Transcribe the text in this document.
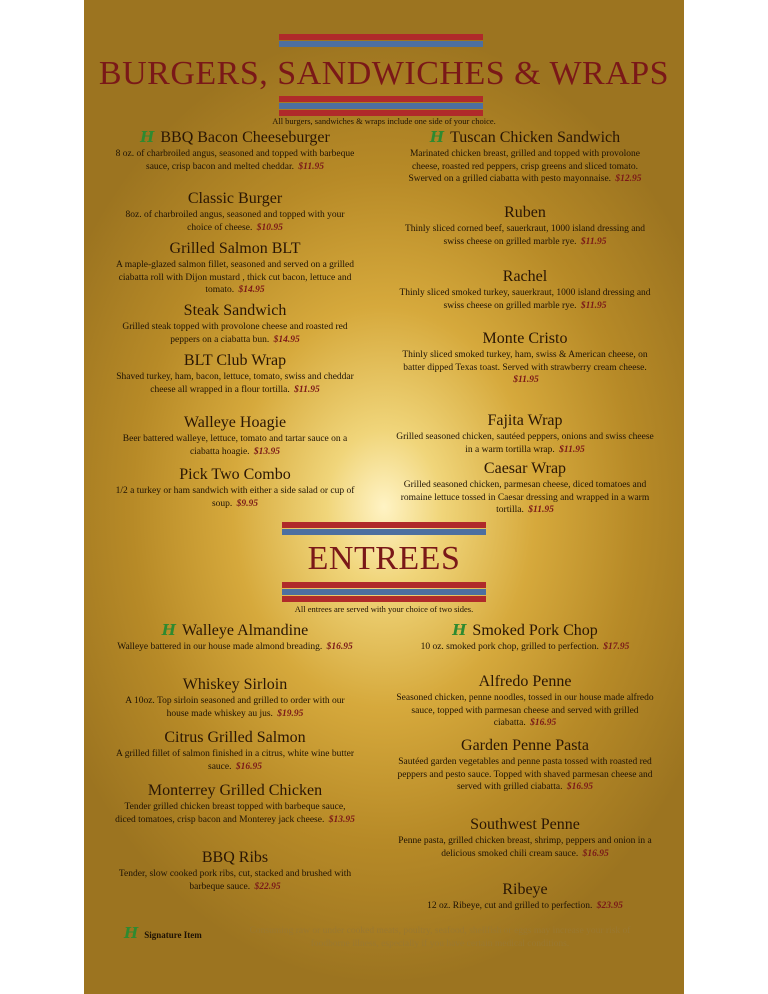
BURGERS, SANDWICHES & WRAPS
All burgers, sandwiches & wraps include one side of your choice.
H BBQ Bacon Cheeseburger

8 oz. of charbroiled angus, seasoned and topped with barbeque sauce, crisp bacon and melted cheddar. $11.95

Classic Burger

8oz. of charbroiled angus, seasoned and topped with your choice of cheese. $10.95

Grilled Salmon BLT

A maple-glazed salmon fillet, seasoned and served on a grilled ciabatta roll with Dijon mustard , thick cut bacon, lettuce and tomato. $14.95

Steak Sandwich

Grilled steak topped with provolone cheese and roasted red peppers on a ciabatta bun. $14.95

BLT Club Wrap

Shaved turkey, ham, bacon, lettuce, tomato, swiss and cheddar cheese all wrapped in a flour tortilla. $11.95

Walleye Hoagie

Beer battered walleye, lettuce, tomato and tartar sauce on a ciabatta hoagie. $13.95

Pick Two Combo

1/2 a turkey or ham sandwich with either a side salad or cup of soup. $9.95

H Tuscan Chicken Sandwich

Marinated chicken breast, grilled and topped with provolone cheese, roasted red peppers, crisp greens and sliced tomato. Swerved on a grilled ciabatta with pesto mayonnaise. $12.95

Ruben

Thinly sliced corned beef, sauerkraut, 1000 island dressing and swiss cheese on grilled marble rye. $11.95

Rachel

Thinly sliced smoked turkey, sauerkraut, 1000 island dressing and swiss cheese on grilled marble rye. $11.95

Monte Cristo

Thinly sliced smoked turkey, ham, swiss & American cheese, on batter dipped Texas toast. Served with strawberry cream cheese. $11.95

Fajita Wrap

Grilled seasoned chicken, sautéed peppers, onions and swiss cheese in a warm tortilla wrap. $11.95

Caesar Wrap

Grilled seasoned chicken, parmesan cheese, diced tomatoes and romaine lettuce tossed in Caesar dressing and wrapped in a warm tortilla. $11.95

ENTREES
All entrees are served with your choice of two sides.
H Walleye Almandine

Walleye battered in our house made almond breading. $16.95

Whiskey Sirloin

A 10oz. Top sirloin seasoned and grilled to order with our house made whiskey au jus. $19.95

Citrus Grilled Salmon

A grilled fillet of salmon finished in a citrus, white wine butter sauce. $16.95

Monterrey Grilled Chicken

Tender grilled chicken breast topped with barbeque sauce, diced tomatoes, crisp bacon and Monterey jack cheese. $13.95

BBQ Ribs

Tender, slow cooked pork ribs, cut, stacked and brushed with barbeque sauce. $22.95

H Smoked Pork Chop

10 oz. smoked pork chop, grilled to perfection. $17.95

Alfredo Penne

Seasoned chicken, penne noodles, tossed in our house made alfredo sauce, topped with parmesan cheese and served with grilled ciabatta. $16.95

Garden Penne Pasta

Sautéed garden vegetables and penne pasta tossed with roasted red peppers and pesto sauce. Topped with shaved parmesan cheese and served with grilled ciabatta. $16.95

Southwest Penne

Penne pasta, grilled chicken breast, shrimp, peppers and onion in a delicious smoked chili cream sauce. $16.95

Ribeye

12 oz. Ribeye, cut and grilled to perfection. $23.95

H Signature Item	Consuming raw or under cooked meats, poultry, seafood, shellfish or eggs may increase your risk of foodborne illness, especially if you have certain medical conditions.
